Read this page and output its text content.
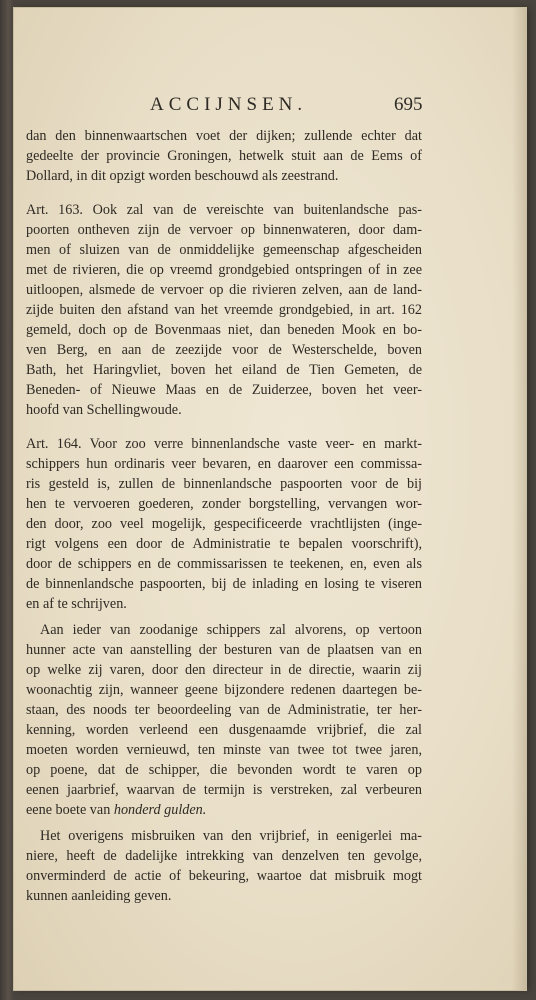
ACCIJNSEN.	695
dan den binnenwaartschen voet der dijken; zullende echter dat
gedeelte der provincie Groningen, hetwelk stuit aan de Eems of
Dollard, in dit opzigt worden beschouwd als zeestrand.
Art. 163. Ook zal van de vereischte van buitenlandsche pas-
poorten ontheven zijn de vervoer op binnenwateren, door dam-
men of sluizen van de onmiddelijke gemeenschap afgescheiden
met de rivieren, die op vreemd grondgebied ontspringen of in zee
uitloopen, alsmede de vervoer op die rivieren zelven, aan de land-
zijde buiten den afstand van het vreemde grondgebied, in art. 162
gemeld, doch op de Bovenmaas niet, dan beneden Mook en bo-
ven Berg, en aan de zeezijde voor de Westerschelde, boven
Bath, het Haringvliet, boven het eiland de Tien Gemeten, de
Beneden- of Nieuwe Maas en de Zuiderzee, boven het veer-
hoofd van Schellingwoude.
Art. 164. Voor zoo verre binnenlandsche vaste veer- en markt-
schippers hun ordinaris veer bevaren, en daarover een commissa-
ris gesteld is, zullen de binnenlandsche paspoorten voor de bij
hen te vervoeren goederen, zonder borgstelling, vervangen wor-
den door, zoo veel mogelijk, gespecificeerde vrachtlijsten (inge-
rigt volgens een door de Administratie te bepalen voorschrift),
door de schippers en de commissarissen te teekenen, en, even als
de binnenlandsche paspoorten, bij de inlading en losing te viseren
en af te schrijven.
Aan ieder van zoodanige schippers zal alvorens, op vertoon
hunner acte van aanstelling der besturen van de plaatsen van en
op welke zij varen, door den directeur in de directie, waarin zij
woonachtig zijn, wanneer geene bijzondere redenen daartegen be-
staan, des noods ter beoordeeling van de Administratie, ter her-
kenning, worden verleend een dusgenaamde vrijbrief, die zal
moeten worden vernieuwd, ten minste van twee tot twee jaren,
op poene, dat de schipper, die bevonden wordt te varen op
eenen jaarbrief, waarvan de termijn is verstreken, zal verbeuren
eene boete van honderd gulden.
Het overigens misbruiken van den vrijbrief, in eenigerlei ma-
niere, heeft de dadelijke intrekking van denzelven ten gevolge,
onverminderd de actie of bekeuring, waartoe dat misbruik mogt
kunnen aanleiding geven.
